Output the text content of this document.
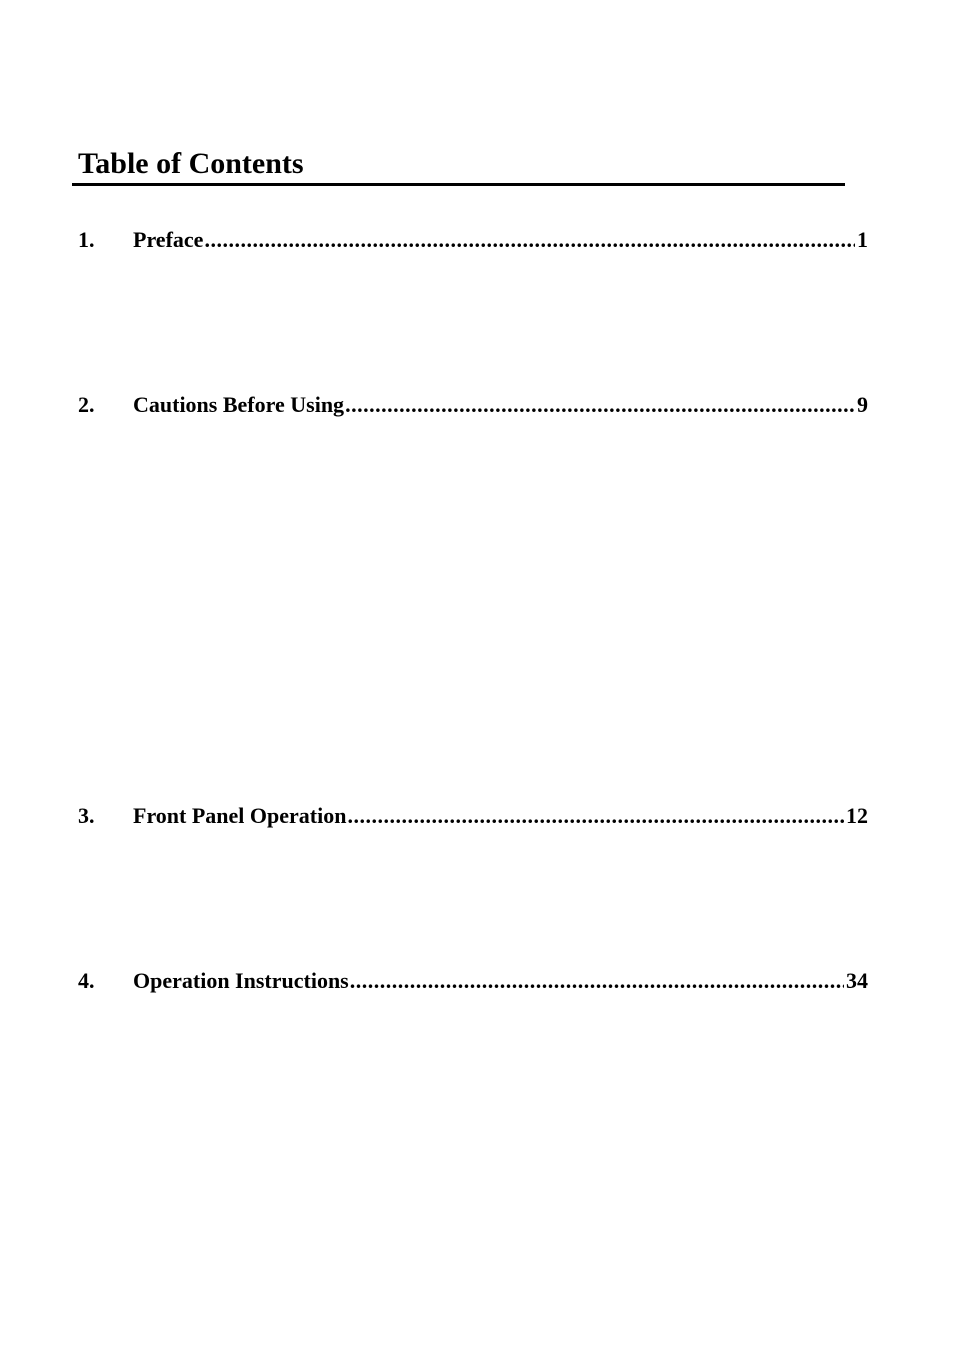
Table of Contents
1.	Preface .....	1
2.	Cautions Before Using .....	9
3.	Front Panel Operation .....	12
4.	Operation Instructions .....	34
